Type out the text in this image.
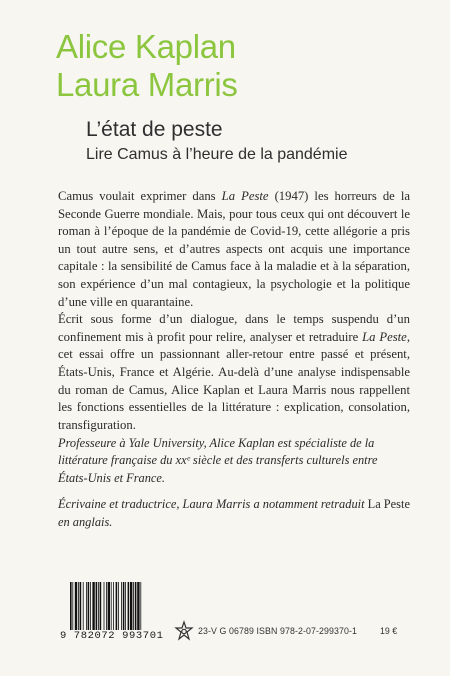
Alice Kaplan
Laura Marris
L’état de peste
Lire Camus à l’heure de la pandémie

Camus voulait exprimer dans La Peste (1947) les horreurs de la Seconde Guerre mondiale. Mais, pour tous ceux qui ont découvert le roman à l’époque de la pandémie de Covid-19, cette allégorie a pris un tout autre sens, et d’autres aspects ont acquis une importance capitale : la sensibilité de Camus face à la maladie et à la séparation, son expérience d’un mal contagieux, la psychologie et la politique d’une ville en quarantaine.

Écrit sous forme d’un dialogue, dans le temps suspendu d’un confinement mis à profit pour relire, analyser et retraduire La Peste, cet essai offre un passionnant aller-retour entre passé et présent, États-Unis, France et Algérie. Au-delà d’une analyse indispensable du roman de Camus, Alice Kaplan et Laura Marris nous rappellent les fonctions essentielles de la littérature : explication, consolation, transfiguration.

Professeure à Yale University, Alice Kaplan est spécialiste de la littérature française du xxᵉ siècle et des transferts culturels entre États-Unis et France.

Écrivaine et traductrice, Laura Marris a notamment retraduit La Peste en anglais.

9 782072 993701	23-V G 06789 ISBN 978-2-07-299370-1	19 €
